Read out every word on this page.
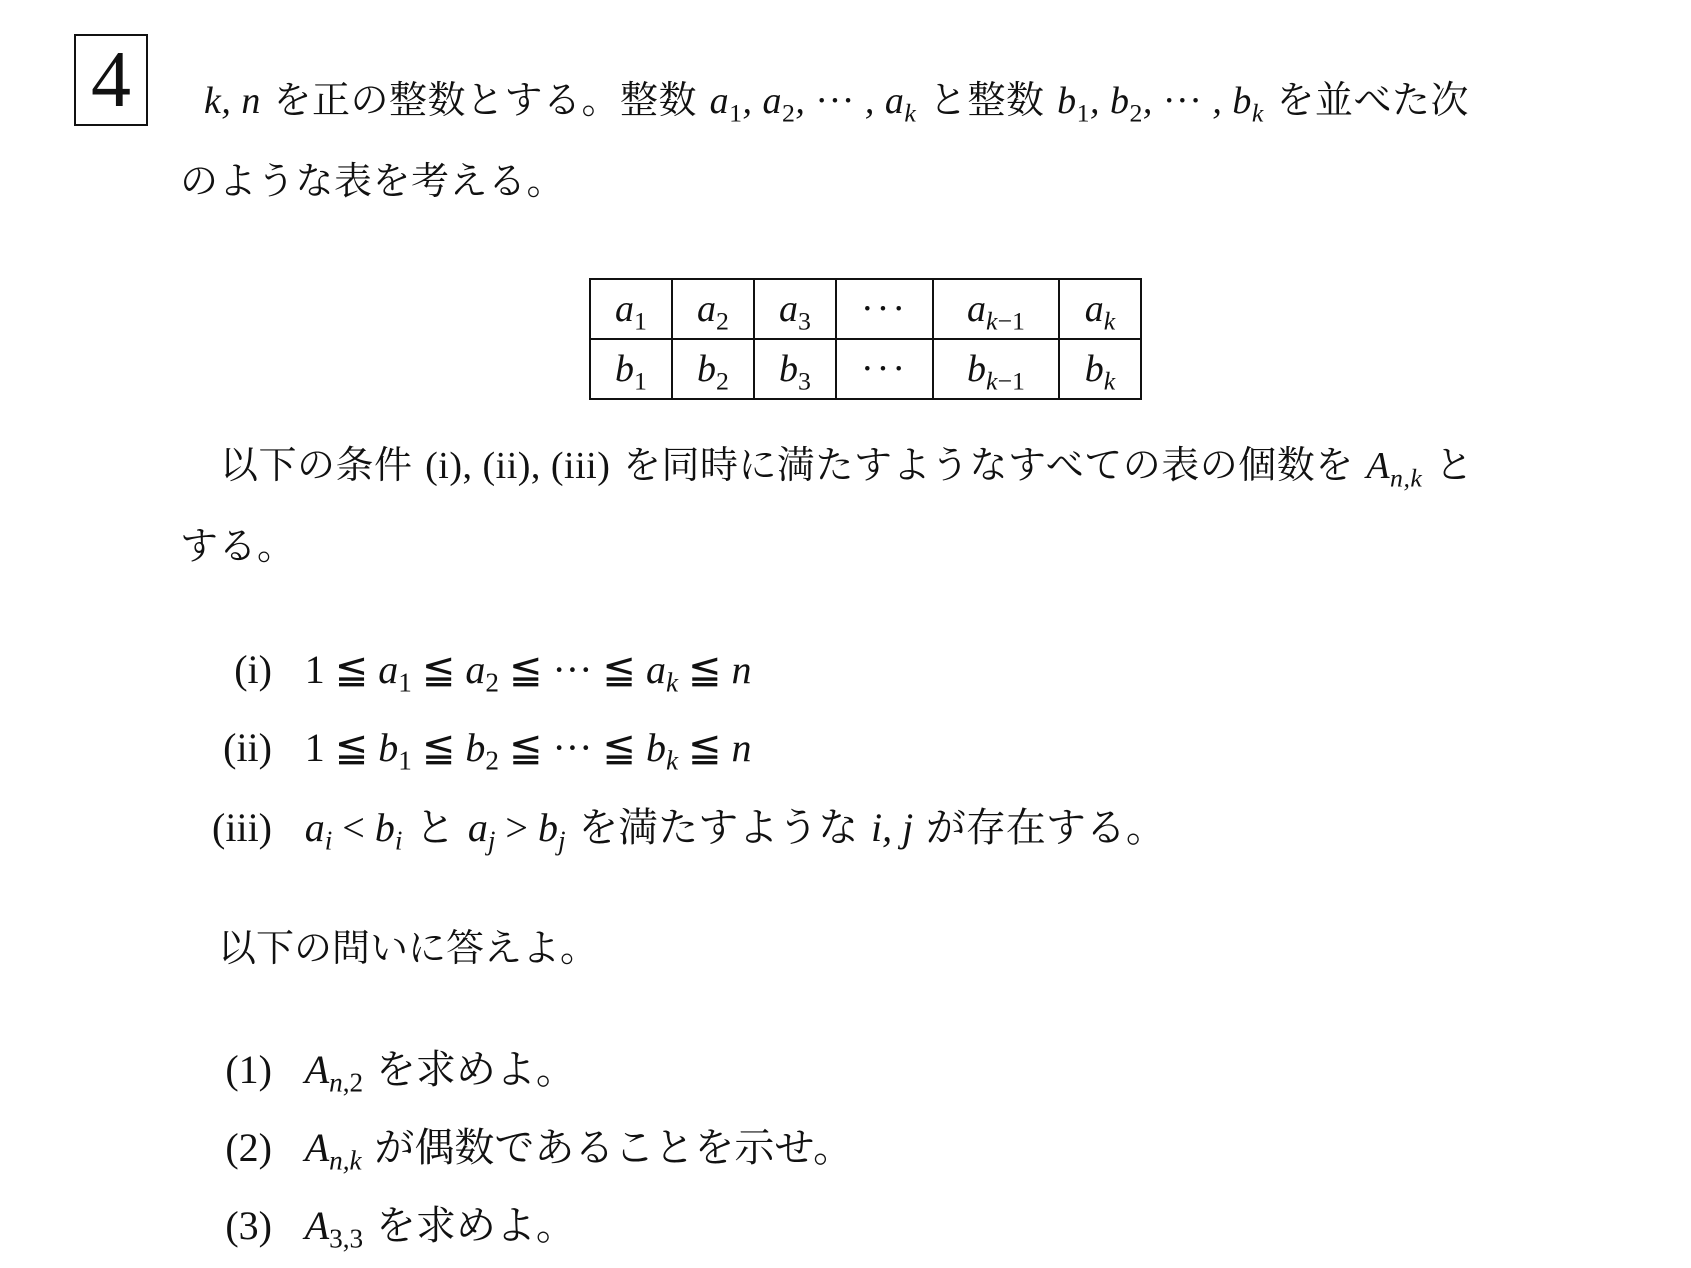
4	k, n を正の整数とする。整数 $a_1$, $a_2$, ··· , $a_k$ と整数 $b_1$, $b_2$, ··· , $b_k$ を並べた次
のような表を考える。
$a_1$	$a_2$	$a_3$	···	$a_{k-1}$	$a_k$
$b_1$	$b_2$	$b_3$	···	$b_{k-1}$	$b_k$
以下の条件 (i), (ii), (iii) を同時に満たすようなすべての表の個数を $A_{n,k}$ と
する。
(i) 1 ≦ $a_1$ ≦ $a_2$ ≦ ··· ≦ $a_k$ ≦ n
(ii) 1 ≦ $b_1$ ≦ $b_2$ ≦ ··· ≦ $b_k$ ≦ n
(iii) $a_i < b_i$ と $a_j > b_j$ を満たすような i, j が存在する。
以下の問いに答えよ。
(1) $A_{n,2}$ を求めよ。
(2) $A_{n,k}$ が偶数であることを示せ。
(3) $A_{3,3}$ を求めよ。
